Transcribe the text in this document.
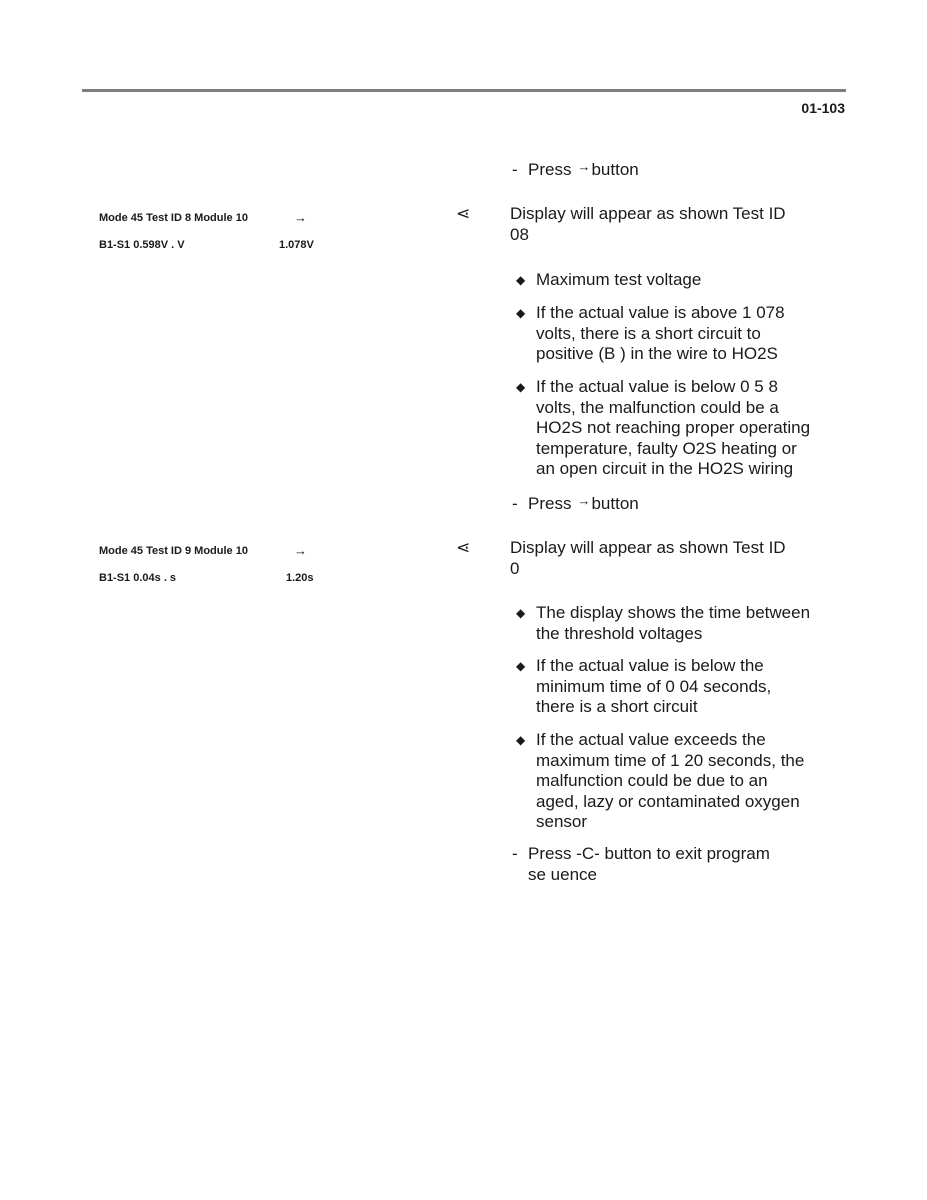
01-103
- Press →button
Mode 45 Test ID 8 Module 10	→
B1-S1 0.598V . V	1.078V
⋖ Display will appear as shown Test ID
08
◆ Maximum test voltage
◆ If the actual value is above 1 078
volts, there is a short circuit to
positive (B ) in the wire to HO2S
◆ If the actual value is below 0 5 8
volts, the malfunction could be a
HO2S not reaching proper operating
temperature, faulty O2S heating or
an open circuit in the HO2S wiring
- Press →button
Mode 45 Test ID 9 Module 10	→
B1-S1 0.04s . s	1.20s
⋖ Display will appear as shown Test ID
0
◆ The display shows the time between
the threshold voltages
◆ If the actual value is below the
minimum time of 0 04 seconds,
there is a short circuit
◆ If the actual value exceeds the
maximum time of 1 20 seconds, the
malfunction could be due to an
aged, lazy or contaminated oxygen
sensor
- Press -C- button to exit program
se uence
